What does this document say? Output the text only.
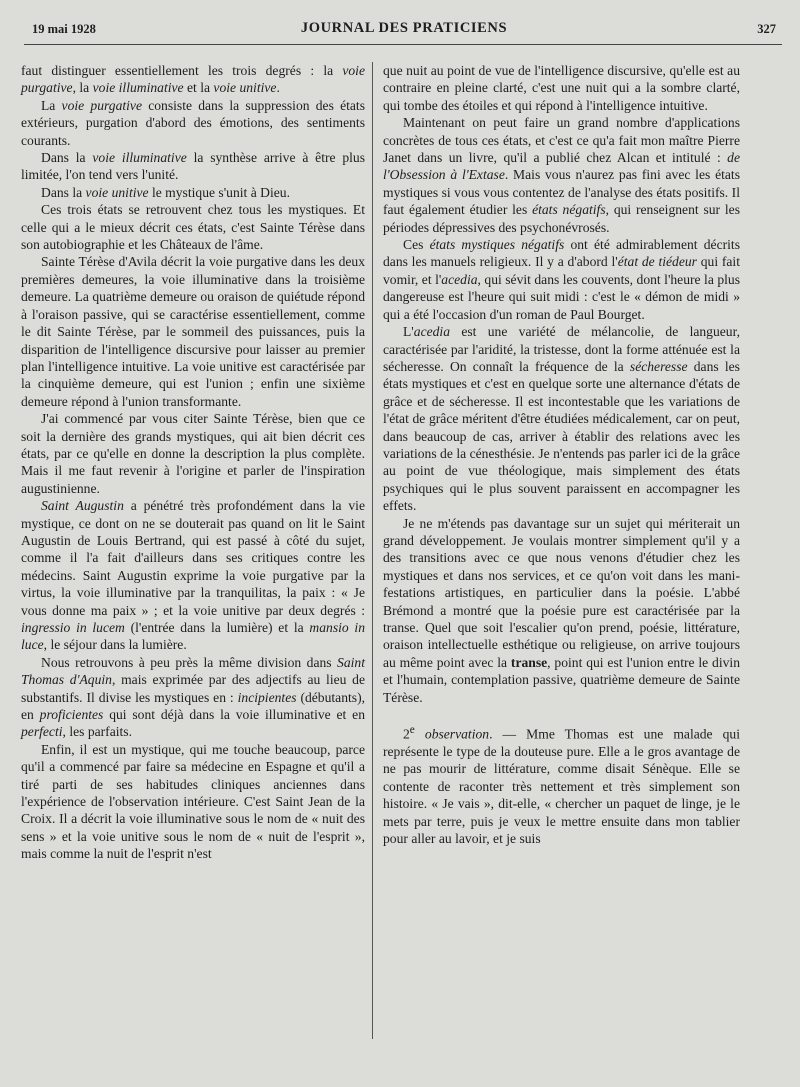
19 mai 1928	JOURNAL DES PRATICIENS	327

faut distinguer essentiellement les trois degrés : la voie purgative, la voie illuminative et la voie unitive.

La voie purgative consiste dans la suppression des états extérieurs, purgation d'abord des émotions, des sentiments courants.

Dans la voie illuminative la synthèse arrive à être plus limitée, l'on tend vers l'unité.

Dans la voie unitive le mystique s'unit à Dieu.

Ces trois états se retrouvent chez tous les mystiques. Et celle qui a le mieux décrit ces états, c'est Sainte Térèse dans son autobiographie et les Châteaux de l'âme.

Sainte Térèse d'Avila décrit la voie purgative dans les deux premières demeures, la voie illuminative dans la troisième demeure. La quatrième demeure ou oraison de quiétude répond à l'oraison passive, qui se caractérise essentiellement, comme le dit Sainte Térèse, par le sommeil des puissances, puis la disparition de l'intelligence discursive pour laisser au premier plan l'intelligence intuitive. La voie unitive est caractérisée par la cinquième demeure, qui est l'union ; enfin une sixième demeure répond à l'union transformante.

J'ai commencé par vous citer Sainte Térèse, bien que ce soit la dernière des grands mystiques, qui ait bien décrit ces états, par ce qu'elle en donne la description la plus complète. Mais il me faut revenir à l'origine et parler de l'inspiration augustinienne.

Saint Augustin a pénétré très profondément dans la vie mystique, ce dont on ne se douterait pas quand on lit le Saint Augustin de Louis Bertrand, qui est passé à côté du sujet, comme il l'a fait d'ailleurs dans ses critiques contre les médecins. Saint Augustin exprime la voie purgative par la virtus, la voie illuminative par la tranquilitas, la paix : « Je vous donne ma paix » ; et la voie unitive par deux degrés : ingressio in lucem (l'entrée dans la lumière) et la mansio in luce, le séjour dans la lumière.

Nous retrouvons à peu près la même division dans Saint Thomas d'Aquin, mais exprimée par des adjectifs au lieu de substantifs. Il divise les mystiques en : incipientes (débutants), en proficientes qui sont déjà dans la voie illuminative et en perfecti, les parfaits.

Enfin, il est un mystique, qui me touche beaucoup, parce qu'il a commencé par faire sa médecine en Espagne et qu'il a tiré parti de ses habitudes cliniques anciennes dans l'expérience de l'observation intérieure. C'est Saint Jean de la Croix. Il a décrit la voie illuminative sous le nom de « nuit des sens » et la voie unitive sous le nom de « nuit de l'esprit », mais comme la nuit de l'esprit n'est

que nuit au point de vue de l'intelligence discursive, qu'elle est au contraire en pleine clarté, c'est une nuit qui a la sombre clarté, qui tombe des étoiles et qui répond à l'intelligence intuitive.

Maintenant on peut faire un grand nombre d'applications concrètes de tous ces états, et c'est ce qu'a fait mon maître Pierre Janet dans un livre, qu'il a publié chez Alcan et intitulé : de l'Obsession à l'Extase. Mais vous n'aurez pas fini avec les états mystiques si vous vous contentez de l'analyse des états positifs. Il faut également étudier les états négatifs, qui renseignent sur les périodes dépressives des psychonévrosés.

Ces états mystiques négatifs ont été admirablement décrits dans les manuels religieux. Il y a d'abord l'état de tiédeur qui fait vomir, et l'acedia, qui sévit dans les couvents, dont l'heure la plus dangereuse est l'heure qui suit midi : c'est le « démon de midi » qui a été l'occasion d'un roman de Paul Bourget.

L'acedia est une variété de mélancolie, de langueur, caractérisée par l'aridité, la tristesse, dont la forme atténuée est la sécheresse. On connaît la fréquence de la sécheresse dans les états mystiques et c'est en quelque sorte une alternance d'états de grâce et de sécheresse. Il est incontestable que les variations de l'état de grâce méritent d'être étudiées médicalement, car on peut, dans beaucoup de cas, arriver à établir des relations avec les variations de la cénesthésie. Je n'entends pas parler ici de la grâce au point de vue théologique, mais simplement des états psychiques qui le plus souvent paraissent en accompagner les effets.

Je ne m'étends pas davantage sur un sujet qui mériterait un grand développement. Je voulais montrer simplement qu'il y a des transitions avec ce que nous venons d'étudier chez les mystiques et dans nos services, et ce qu'on voit dans les manifestations artistiques, en particulier dans la poésie. L'abbé Brémond a montré que la poésie pure est caractérisée par la transe. Quel que soit l'escalier qu'on prend, poésie, littérature, oraison intellectuelle esthétique ou religieuse, on arrive toujours au même point avec la transe, point qui est l'union entre le divin et l'humain, contemplation passive, quatrième demeure de Sainte Térèse.

2e observation. — Mme Thomas est une malade qui représente le type de la douteuse pure. Elle a le gros avantage de ne pas mourir de littérature, comme disait Sénèque. Elle se contente de raconter très nettement et très simplement son histoire. « Je vais », dit-elle, « chercher un paquet de linge, je le mets par terre, puis je veux le mettre ensuite dans mon tablier pour aller au lavoir, et je suis
